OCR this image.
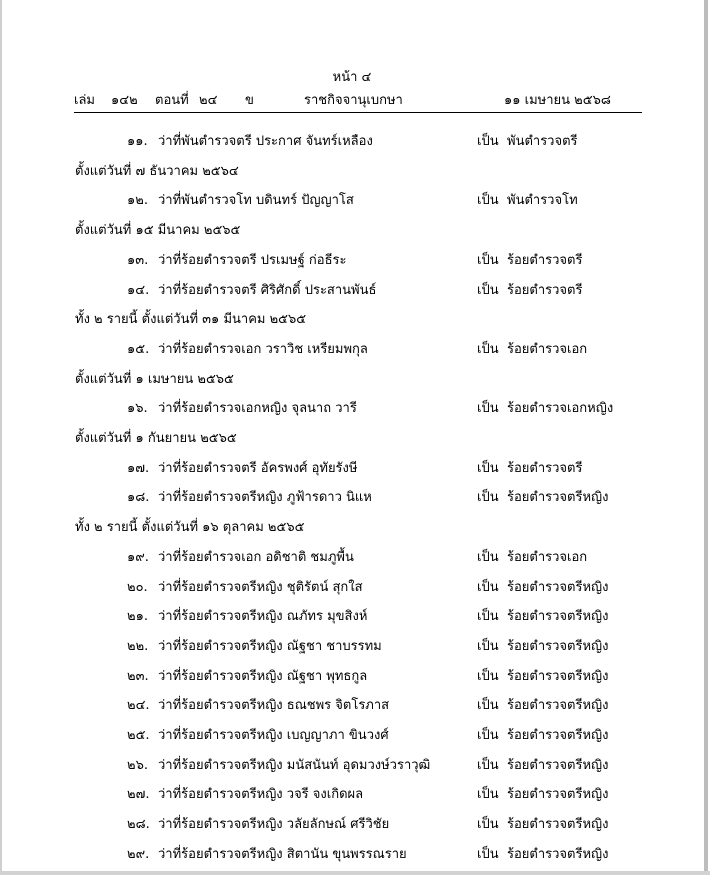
หน้า ๔
เล่ม ๑๔๒ ตอนที่ ๒๔ ข	ราชกิจจานุเบกษา	๑๑ เมษายน ๒๕๖๘
๑๑. ว่าที่พันตำรวจตรี ประกาศ จันทร์เหลือง	เป็น พันตำรวจตรี
ตั้งแต่วันที่ ๗ ธันวาคม ๒๕๖๔
๑๒. ว่าที่พันตำรวจโท บดินทร์ ปัญญาโส	เป็น พันตำรวจโท
ตั้งแต่วันที่ ๑๕ มีนาคม ๒๕๖๕
๑๓. ว่าที่ร้อยตำรวจตรี ปรเมษฐ์ ก่อธีระ	เป็น ร้อยตำรวจตรี
๑๔. ว่าที่ร้อยตำรวจตรี ศิริศักดิ์ ประสานพันธ์	เป็น ร้อยตำรวจตรี
ทั้ง ๒ รายนี้ ตั้งแต่วันที่ ๓๑ มีนาคม ๒๕๖๕
๑๕. ว่าที่ร้อยตำรวจเอก วราวิช เหรียมพกุล	เป็น ร้อยตำรวจเอก
ตั้งแต่วันที่ ๑ เมษายน ๒๕๖๕
๑๖. ว่าที่ร้อยตำรวจเอกหญิง จุลนาถ วารี	เป็น ร้อยตำรวจเอกหญิง
ตั้งแต่วันที่ ๑ กันยายน ๒๕๖๕
๑๗. ว่าที่ร้อยตำรวจตรี อัครพงศ์ อุทัยรังษี	เป็น ร้อยตำรวจตรี
๑๘. ว่าที่ร้อยตำรวจตรีหญิง ภูฟ้ารดาว นิแห	เป็น ร้อยตำรวจตรีหญิง
ทั้ง ๒ รายนี้ ตั้งแต่วันที่ ๑๖ ตุลาคม ๒๕๖๕
๑๙. ว่าที่ร้อยตำรวจเอก อดิชาติ ชมภูพื้น	เป็น ร้อยตำรวจเอก
๒๐. ว่าที่ร้อยตำรวจตรีหญิง ชุติรัตน์ สุกใส	เป็น ร้อยตำรวจตรีหญิง
๒๑. ว่าที่ร้อยตำรวจตรีหญิง ณภัทร มุขสิงห์	เป็น ร้อยตำรวจตรีหญิง
๒๒. ว่าที่ร้อยตำรวจตรีหญิง ณัฐชา ชาบรรทม	เป็น ร้อยตำรวจตรีหญิง
๒๓. ว่าที่ร้อยตำรวจตรีหญิง ณัฐชา พุทธกูล	เป็น ร้อยตำรวจตรีหญิง
๒๔. ว่าที่ร้อยตำรวจตรีหญิง ธณชพร จิตโรภาส	เป็น ร้อยตำรวจตรีหญิง
๒๕. ว่าที่ร้อยตำรวจตรีหญิง เบญญาภา ขินวงศ์	เป็น ร้อยตำรวจตรีหญิง
๒๖. ว่าที่ร้อยตำรวจตรีหญิง มนัสนันท์ อุดมวงษ์วราวุฒิ	เป็น ร้อยตำรวจตรีหญิง
๒๗. ว่าที่ร้อยตำรวจตรีหญิง วจรี จงเกิดผล	เป็น ร้อยตำรวจตรีหญิง
๒๘. ว่าที่ร้อยตำรวจตรีหญิง วลัยลักษณ์ ศรีวิชัย	เป็น ร้อยตำรวจตรีหญิง
๒๙. ว่าที่ร้อยตำรวจตรีหญิง สิตานัน ขุนพรรณราย	เป็น ร้อยตำรวจตรีหญิง
